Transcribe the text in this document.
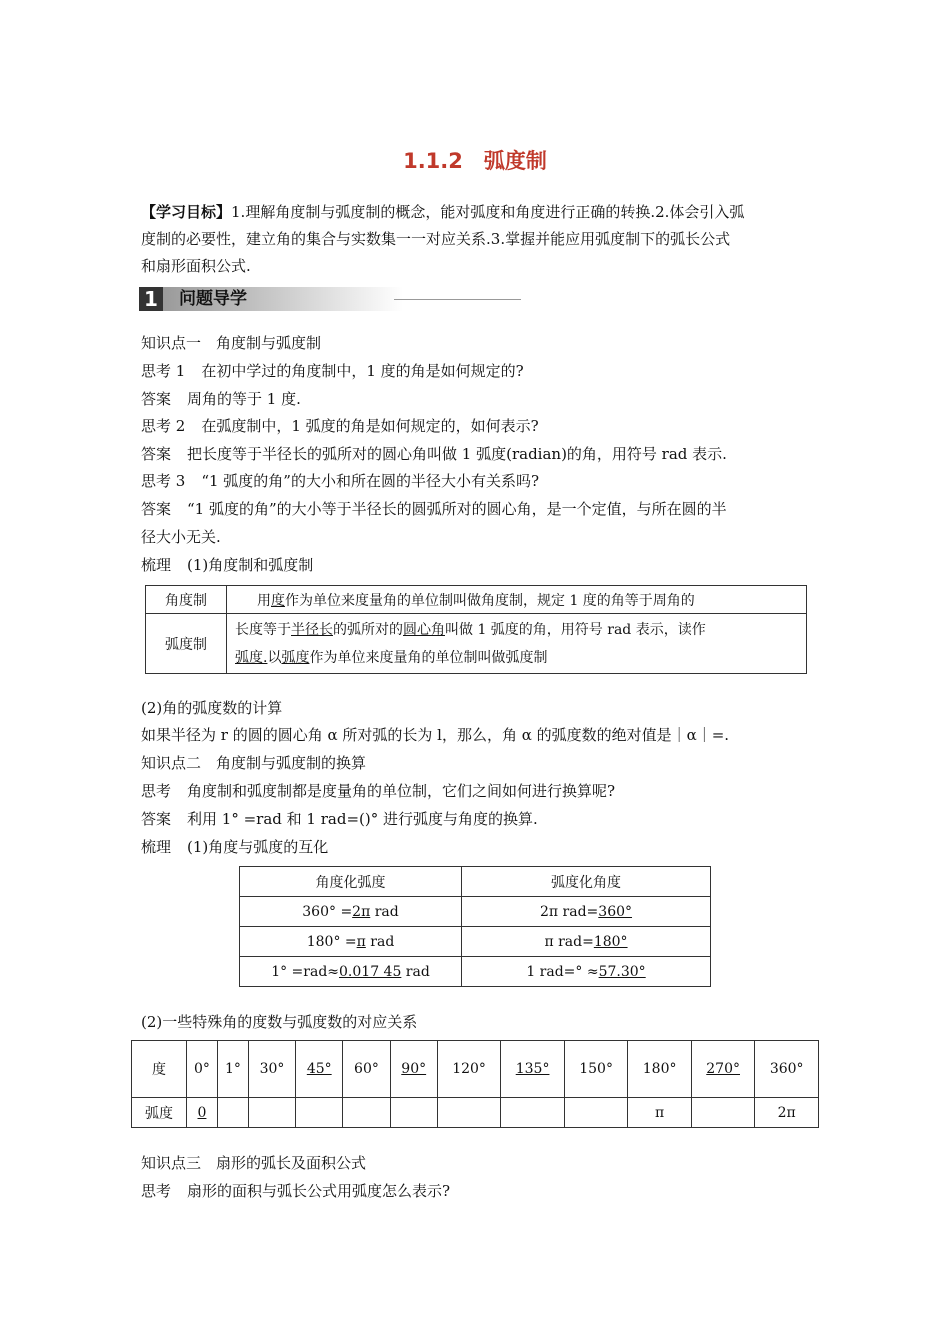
1.1.2　弧度制
【学习目标】1.理解角度制与弧度制的概念，能对弧度和角度进行正确的转换.2.体会引入弧
度制的必要性，建立角的集合与实数集一一对应关系.3.掌握并能应用弧度制下的弧长公式
和扇形面积公式.
1 问题导学
知识点一　角度制与弧度制
思考 1 在初中学过的角度制中，1 度的角是如何规定的?
答案 周角的等于 1 度.
思考 2 在弧度制中，1 弧度的角是如何规定的，如何表示?
答案 把长度等于半径长的弧所对的圆心角叫做 1 弧度(radian)的角，用符号 rad 表示.
思考 3 “1 弧度的角”的大小和所在圆的半径大小有关系吗?
答案 “1 弧度的角”的大小等于半径长的圆弧所对的圆心角，是一个定值，与所在圆的半
径大小无关.
梳理 (1)角度制和弧度制
角度制	用度作为单位来度量角的单位制叫做角度制，规定 1 度的角等于周角的
弧度制	长度等于半径长的弧所对的圆心角叫做 1 弧度的角，用符号 rad 表示，读作
弧度.以弧度作为单位来度量角的单位制叫做弧度制
(2)角的弧度数的计算
如果半径为 r 的圆的圆心角 α 所对弧的长为 l，那么，角 α 的弧度数的绝对值是｜α｜=.
知识点二　角度制与弧度制的换算
思考 角度制和弧度制都是度量角的单位制，它们之间如何进行换算呢?
答案 利用 1° =rad 和 1 rad=()° 进行弧度与角度的换算.
梳理 (1)角度与弧度的互化
角度化弧度	弧度化角度
360° =2π rad	2π rad=360°
180° =π rad	π rad=180°
1° =rad≈0.017 45 rad	1 rad=° ≈57.30°
(2)一些特殊角的度数与弧度数的对应关系
度	0°	1°	30°	45°	60°	90°	120°	135°	150°	180°	270°	360°
弧度	0									π		2π
知识点三　扇形的弧长及面积公式
思考 扇形的面积与弧长公式用弧度怎么表示?
